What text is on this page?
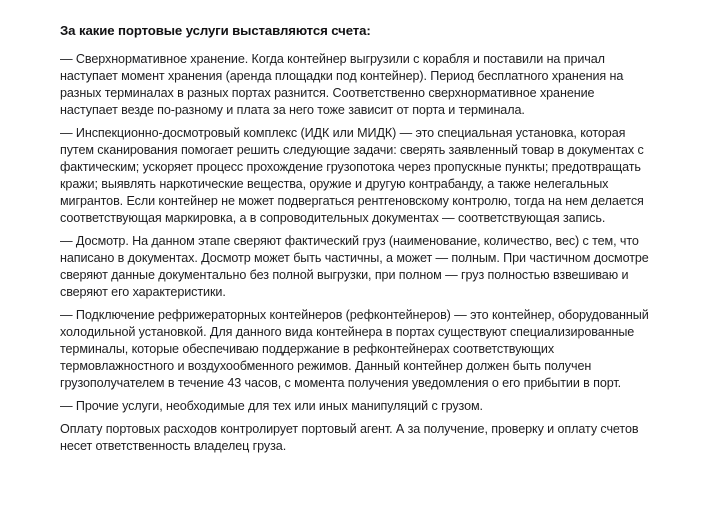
За какие портовые услуги выставляются счета:

— Сверхнормативное хранение. Когда контейнер выгрузили с корабля и поставили на причал наступает момент хранения (аренда площадки под контейнер). Период бесплатного хранения на разных терминалах в разных портах разнится. Соответственно сверхнормативное хранение наступает везде по-разному и плата за него тоже зависит от порта и терминала.

— Инспекционно-досмотровый комплекс (ИДК или МИДК) — это специальная установка, которая путем сканирования помогает решить следующие задачи: сверять заявленный товар в документах с фактическим; ускоряет процесс прохождение грузопотока через пропускные пункты; предотвращать кражи; выявлять наркотические вещества, оружие и другую контрабанду, а также нелегальных мигрантов. Если контейнер не может подвергаться рентгеновскому контролю, тогда на нем делается соответствующая маркировка, а в сопроводительных документах — соответствующая запись.

— Досмотр. На данном этапе сверяют фактический груз (наименование, количество, вес) с тем, что написано в документах. Досмотр может быть частичны, а может — полным. При частичном досмотре сверяют данные документально без полной выгрузки, при полном — груз полностью взвешиваю и сверяют его характеристики.

— Подключение рефрижераторных контейнеров (рефконтейнеров) — это контейнер, оборудованный холодильной установкой. Для данного вида контейнера в портах существуют специализированные терминалы, которые обеспечиваю поддержание в рефконтейнерах соответствующих термовлажностного и воздухообменного режимов. Данный контейнер должен быть получен грузополучателем в течение 43 часов, с момента получения уведомления о его прибытии в порт.

— Прочие услуги, необходимые для тех или иных манипуляций с грузом.

Оплату портовых расходов контролирует портовый агент. А за получение, проверку и оплату счетов несет ответственность владелец груза.
